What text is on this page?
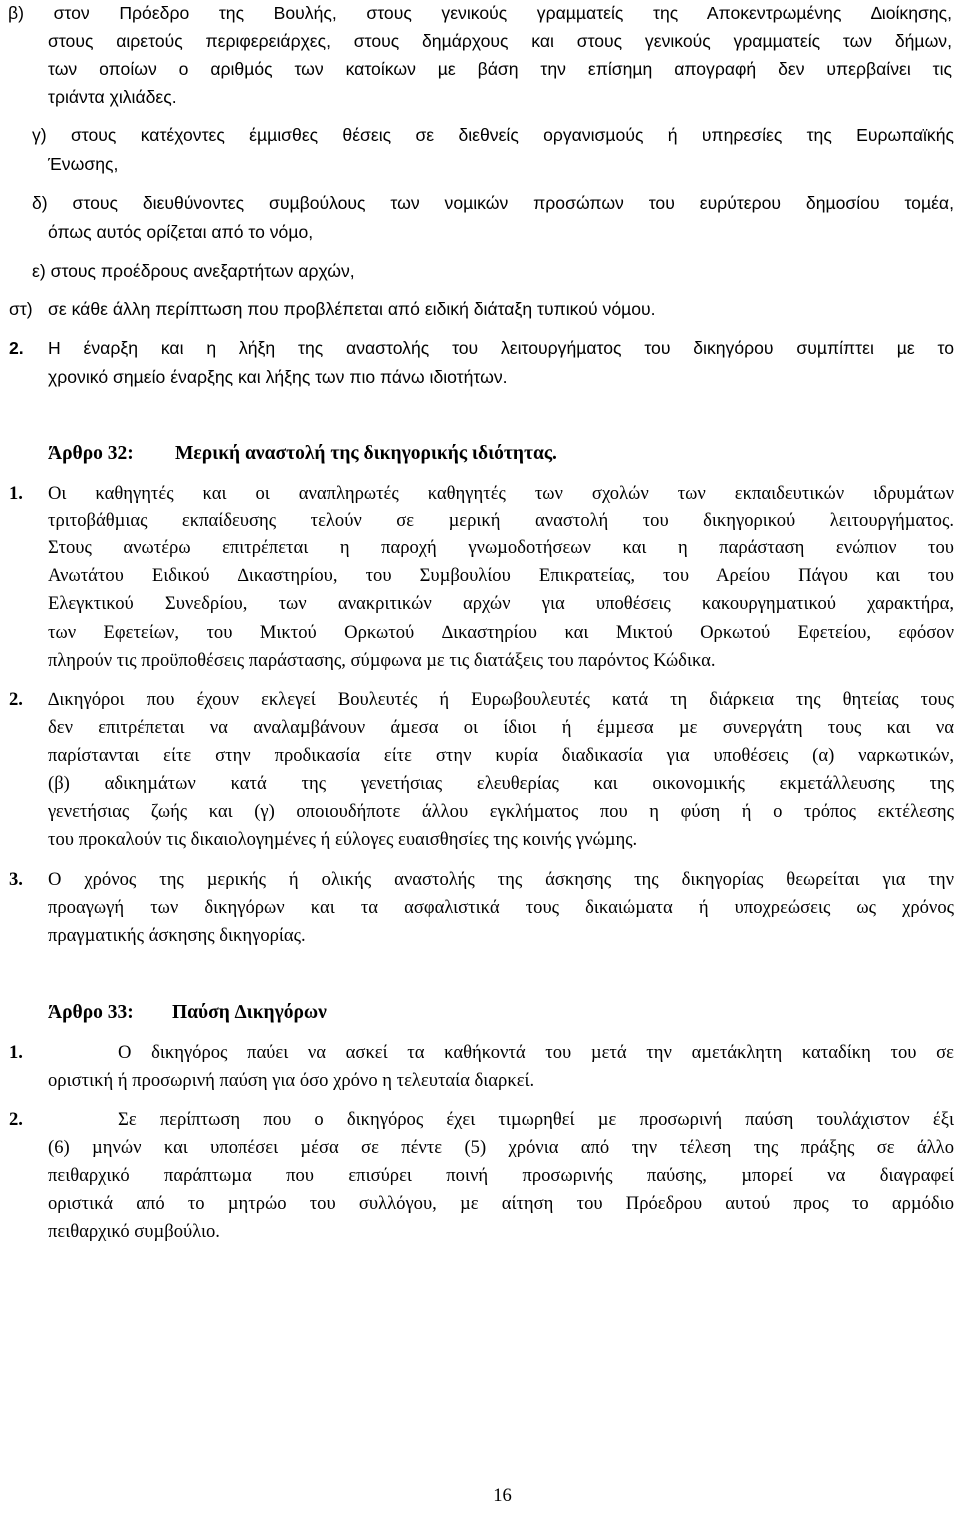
β) στον Πρόεδρο της Βουλής, στους γενικούς γραµµατείς της Αποκεντρωµένης ∆ιοίκησης,
στους αιρετούς περιφερειάρχες, στους δηµάρχους και στους γενικούς γραµµατείς των δήµων,
των οποίων ο αριθµός των κατοίκων µε βάση την επίσηµη απογραφή δεν υπερβαίνει τις
τριάντα χιλιάδες.
γ) στους κατέχοντες έµµισθες θέσεις σε διεθνείς οργανισµούς ή υπηρεσίες της Ευρωπαϊκής
Ένωσης,
δ) στους διευθύνοντες συµβούλους των νοµικών προσώπων του ευρύτερου δηµοσίου τοµέα,
όπως αυτός ορίζεται από το νόµο,
ε) στους προέδρους ανεξαρτήτων αρχών,
στ) σε κάθε άλλη περίπτωση που προβλέπεται από ειδική διάταξη τυπικού νόµου.
2. Η έναρξη και η λήξη της αναστολής του λειτουργήµατος του δικηγόρου συµπίπτει µε το
χρονικό σηµείο έναρξης και λήξης των πιο πάνω ιδιοτήτων.
Άρθρο 32: Μερική αναστολή της δικηγορικής ιδιότητας.
1. Οι καθηγητές και οι αναπληρωτές καθηγητές των σχολών των εκπαιδευτικών ιδρυµάτων
τριτοβάθµιας εκπαίδευσης τελούν σε µερική αναστολή του δικηγορικού λειτουργήµατος.
Στους ανωτέρω επιτρέπεται η παροχή γνωµοδοτήσεων και η παράσταση ενώπιον του
Ανωτάτου Ειδικού ∆ικαστηρίου, του Συµβουλίου Επικρατείας, του Αρείου Πάγου και του
Ελεγκτικού Συνεδρίου, των ανακριτικών αρχών για υποθέσεις κακουργηµατικού χαρακτήρα,
των Εφετείων, του Μικτού Ορκωτού ∆ικαστηρίου και Μικτού Ορκωτού Εφετείου, εφόσον
πληρούν τις προϋποθέσεις παράστασης, σύµφωνα µε τις διατάξεις του παρόντος Κώδικα.
2. ∆ικηγόροι που έχουν εκλεγεί Βουλευτές ή Ευρωβουλευτές κατά τη διάρκεια της θητείας τους
δεν επιτρέπεται να αναλαµβάνουν άµεσα οι ίδιοι ή έµµεσα µε συνεργάτη τους και να
παρίστανται είτε στην προδικασία είτε στην κυρία διαδικασία για υποθέσεις (α) ναρκωτικών,
(β) αδικηµάτων κατά της γενετήσιας ελευθερίας και οικονοµικής εκµετάλλευσης της
γενετήσιας ζωής και (γ) οποιουδήποτε άλλου εγκλήµατος που η φύση ή ο τρόπος εκτέλεσης
του προκαλούν τις δικαιολογηµένες ή εύλογες ευαισθησίες της κοινής γνώµης.
3. Ο χρόνος της µερικής ή ολικής αναστολής της άσκησης της δικηγορίας θεωρείται για την
προαγωγή των δικηγόρων και τα ασφαλιστικά τους δικαιώµατα ή υποχρεώσεις ως χρόνος
πραγµατικής άσκησης δικηγορίας.
Άρθρο 33: Παύση ∆ικηγόρων
1.	Ο δικηγόρος παύει να ασκεί τα καθήκοντά του µετά την αµετάκλητη καταδίκη του σε
οριστική ή προσωρινή παύση για όσο χρόνο η τελευταία διαρκεί.
2.	Σε περίπτωση που ο δικηγόρος έχει τιµωρηθεί µε προσωρινή παύση τουλάχιστον έξι
(6) µηνών και υποπέσει µέσα σε πέντε (5) χρόνια από την τέλεση της πράξης σε άλλο
πειθαρχικό παράπτωµα που επισύρει ποινή προσωρινής παύσης, µπορεί να διαγραφεί
οριστικά από το µητρώο του συλλόγου, µε αίτηση του Πρόεδρου αυτού προς το αρµόδιο
πειθαρχικό συµβούλιο.
16
